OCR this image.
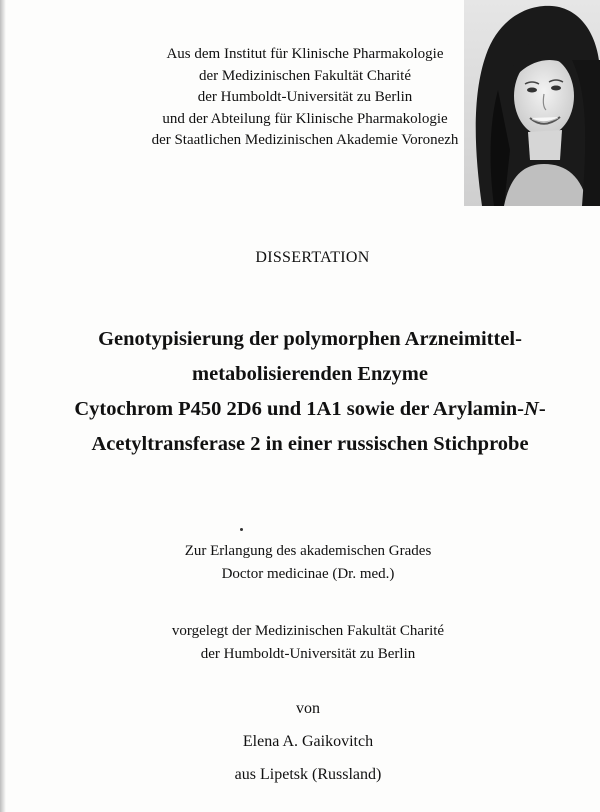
Aus dem Institut für Klinische Pharmakologie
der Medizinischen Fakultät Charité
der Humboldt-Universität zu Berlin
und der Abteilung für Klinische Pharmakologie
der Staatlichen Medizinischen Akademie Voronezh
DISSERTATION
Genotypisierung der polymorphen Arzneimittel-
metabolisierenden Enzyme
Cytochrom P450 2D6 und 1A1 sowie der Arylamin-N-
Acetyltransferase 2 in einer russischen Stichprobe
Zur Erlangung des akademischen Grades
Doctor medicinae (Dr. med.)
vorgelegt der Medizinischen Fakultät Charité
der Humboldt-Universität zu Berlin
von
Elena A. Gaikovitch
aus Lipetsk (Russland)
